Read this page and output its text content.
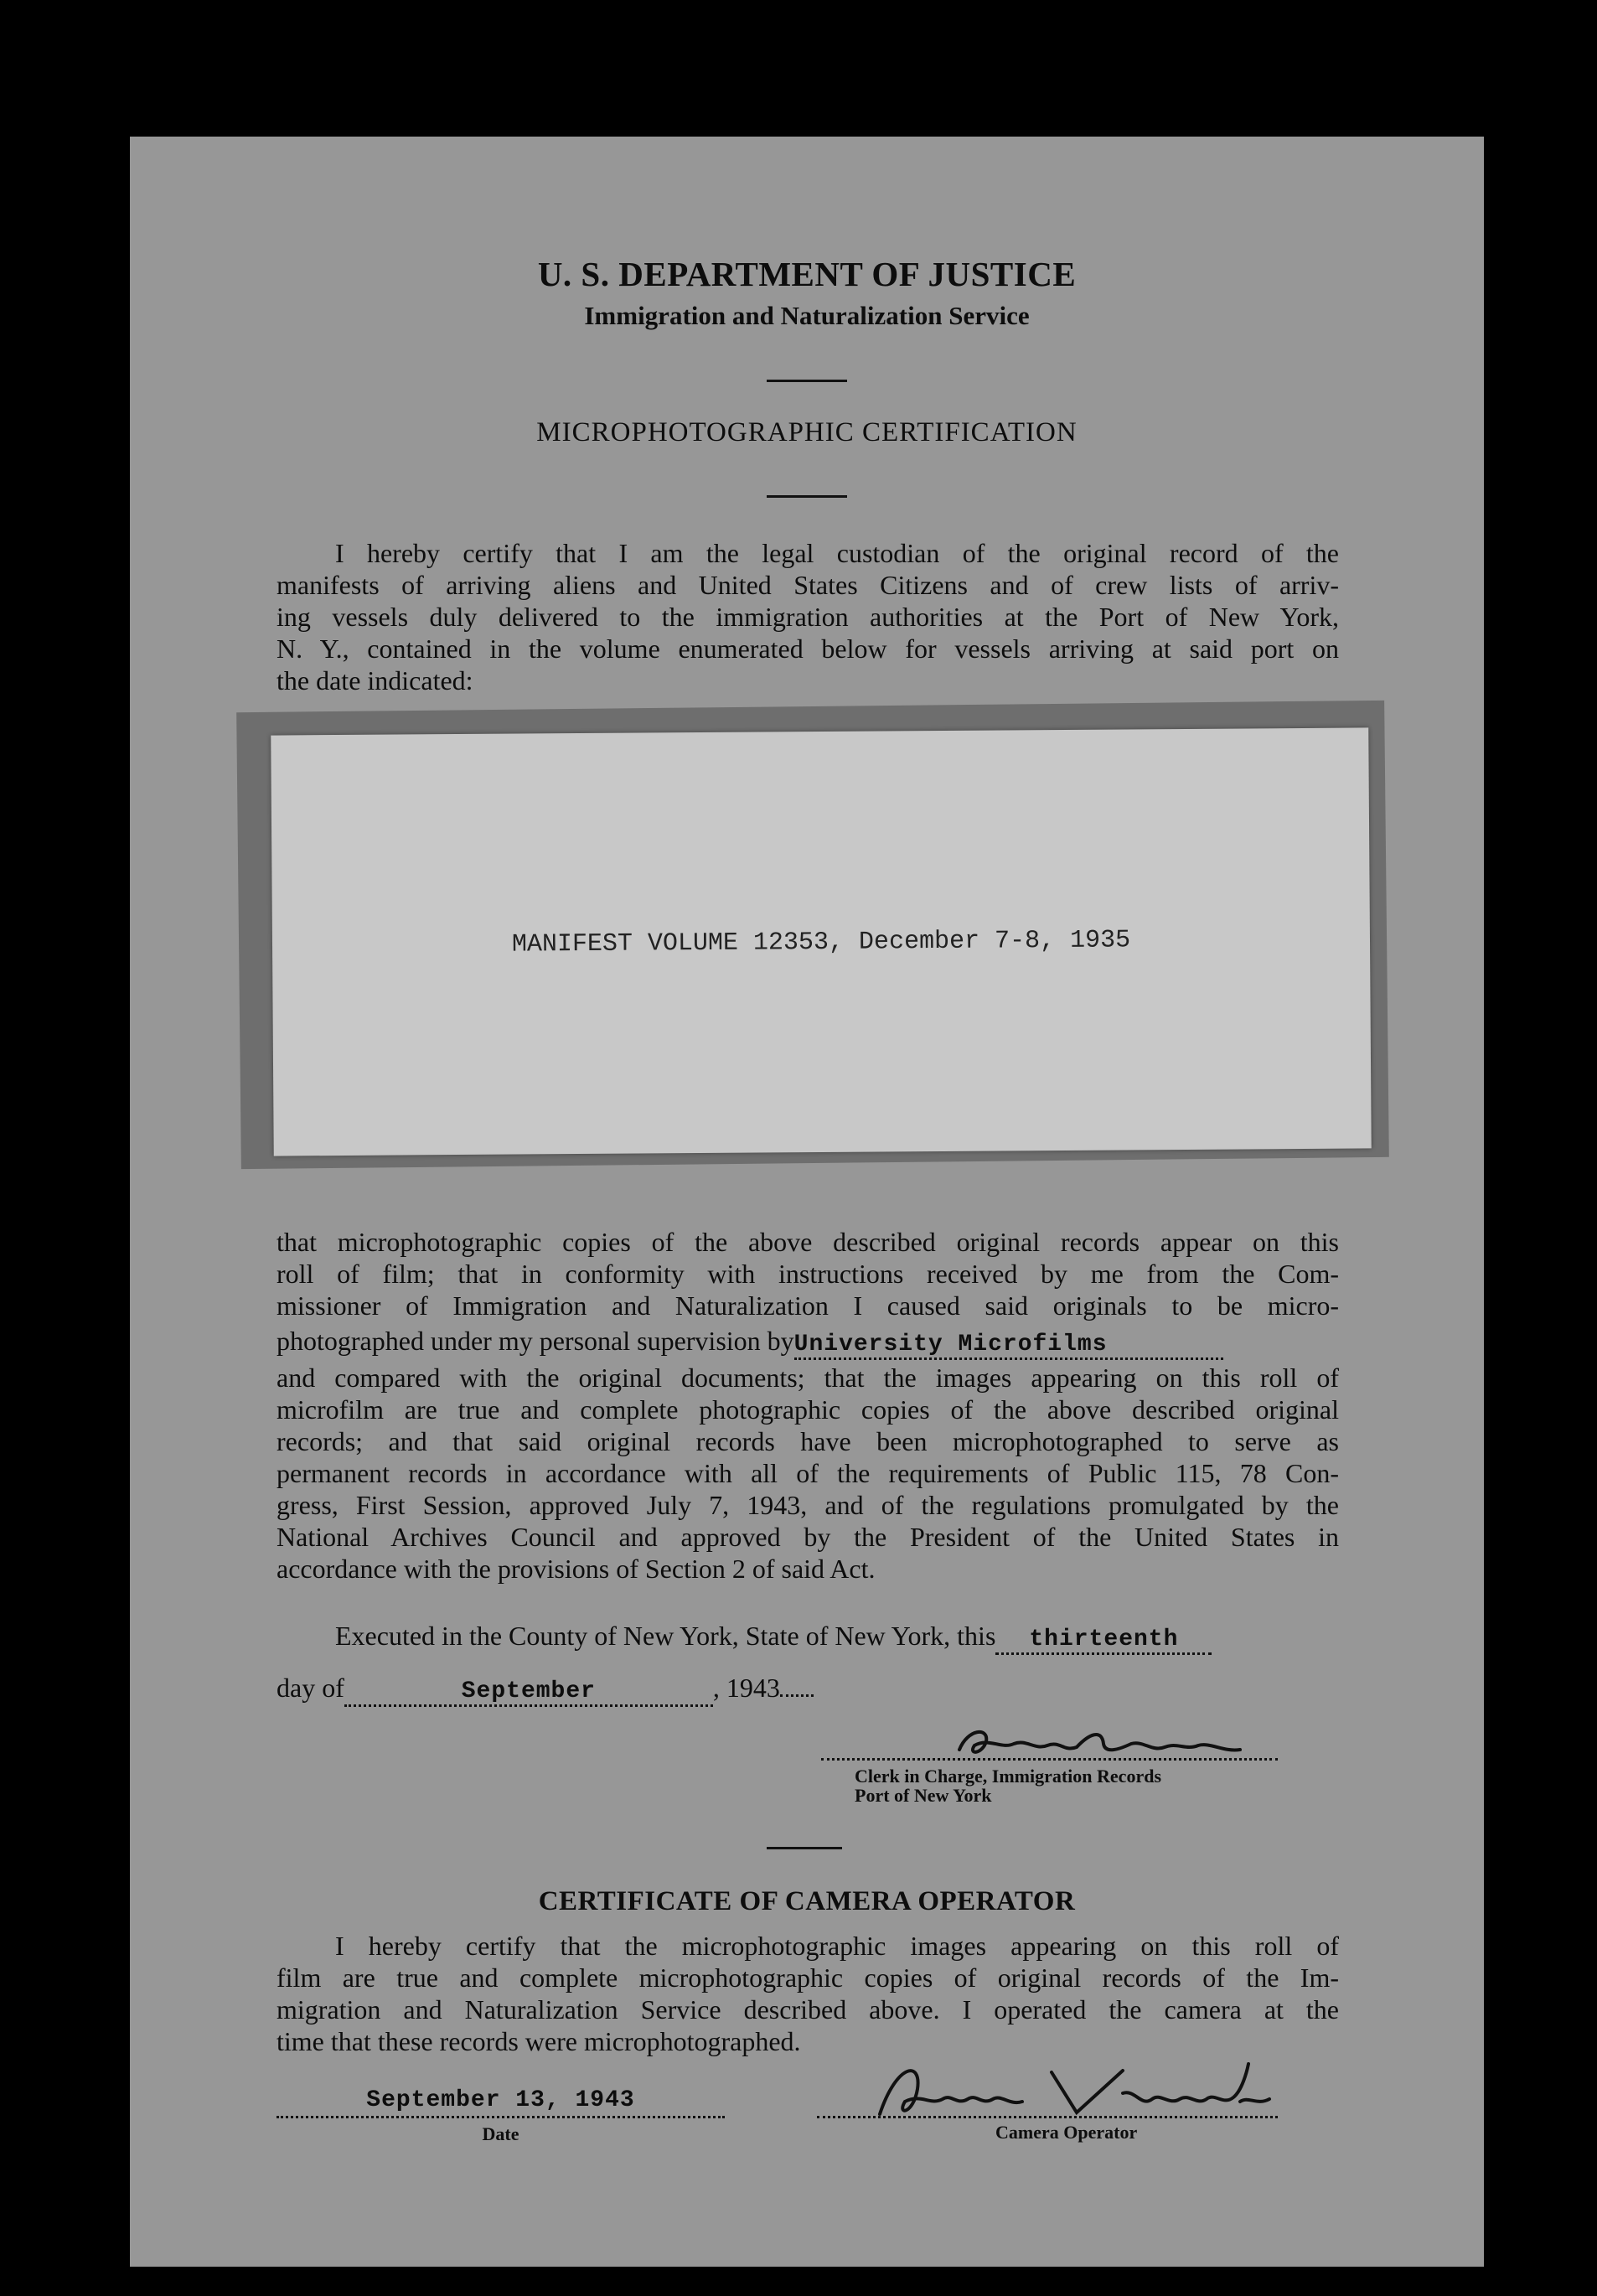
U. S. DEPARTMENT OF JUSTICE
Immigration and Naturalization Service
MICROPHOTOGRAPHIC CERTIFICATION
I hereby certify that I am the legal custodian of the original record of the
manifests of arriving aliens and United States Citizens and of crew lists of arriv-
ing vessels duly delivered to the immigration authorities at the Port of New York,
N. Y., contained in the volume enumerated below for vessels arriving at said port on
the date indicated:
MANIFEST VOLUME 12353, December 7-8, 1935
that microphotographic copies of the above described original records appear on this
roll of film; that in conformity with instructions received by me from the Com-
missioner of Immigration and Naturalization I caused said originals to be micro-
photographed under my personal supervision byUniversity Microfilms
and compared with the original documents; that the images appearing on this roll of
microfilm are true and complete photographic copies of the above described original
records; and that said original records have been microphotographed to serve as
permanent records in accordance with all of the requirements of Public 115, 78 Con-
gress, First Session, approved July 7, 1943, and of the regulations promulgated by the
National Archives Council and approved by the President of the United States in
accordance with the provisions of Section 2 of said Act.
Executed in the County of New York, State of New York, this thirteenth
day of	September	, 1943
Clerk in Charge, Immigration Records
Port of New York
CERTIFICATE OF CAMERA OPERATOR
I hereby certify that the microphotographic images appearing on this roll of
film are true and complete microphotographic copies of original records of the Im-
migration and Naturalization Service described above. I operated the camera at the
time that these records were microphotographed.
September 13, 1943
Date	Camera Operator
